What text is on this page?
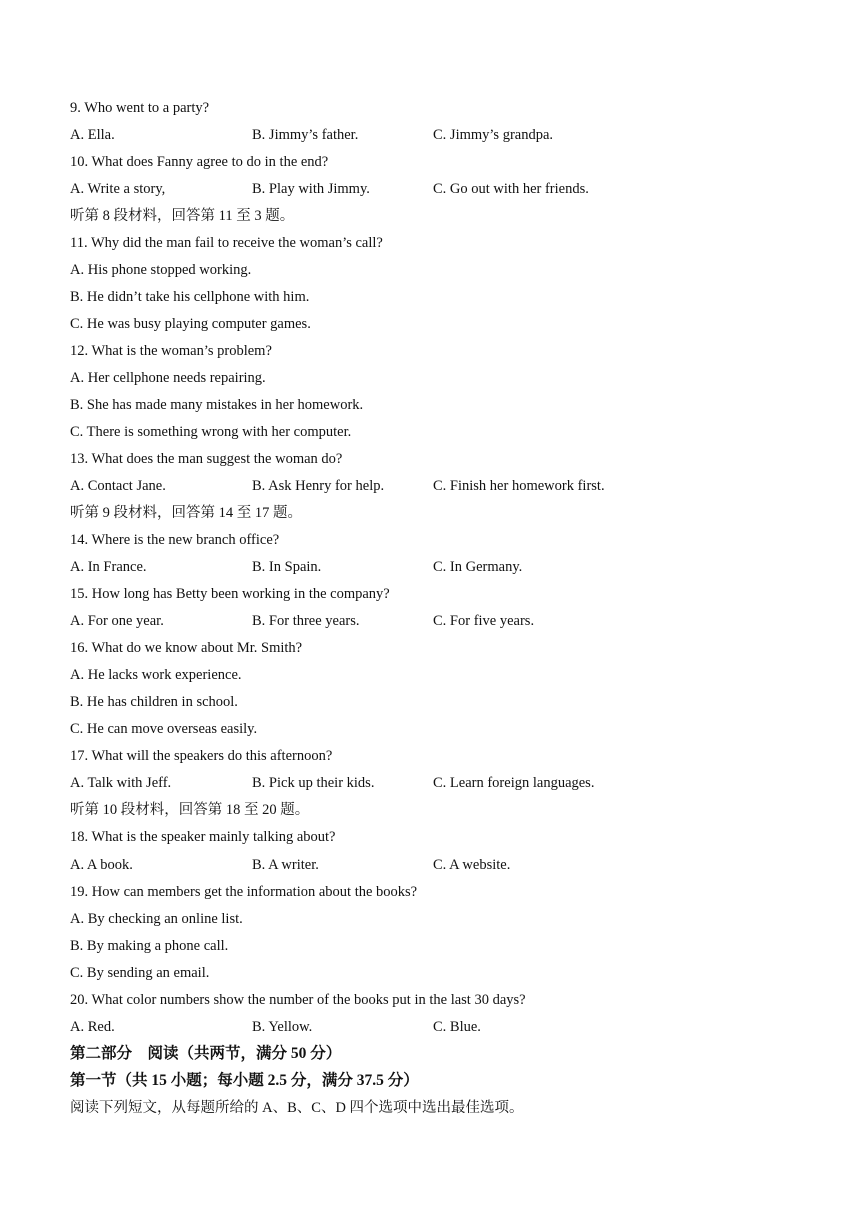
9. Who went to a party?
A. Ella.	B. Jimmy’s father.	C. Jimmy’s grandpa.
10. What does Fanny agree to do in the end?
A. Write a story,	B. Play with Jimmy.	C. Go out with her friends.
听第 8 段材料，回答第 11 至 3 题。
11. Why did the man fail to receive the woman’s call?
A. His phone stopped working.
B. He didn’t take his cellphone with him.
C. He was busy playing computer games.
12. What is the woman’s problem?
A. Her cellphone needs repairing.
B. She has made many mistakes in her homework.
C. There is something wrong with her computer.
13. What does the man suggest the woman do?
A. Contact Jane.	B. Ask Henry for help.	C. Finish her homework first.
听第 9 段材料，回答第 14 至 17 题。
14. Where is the new branch office?
A. In France.	B. In Spain.	C. In Germany.
15. How long has Betty been working in the company?
A. For one year.	B. For three years.	C. For five years.
16. What do we know about Mr. Smith?
A. He lacks work experience.
B. He has children in school.
C. He can move overseas easily.
17. What will the speakers do this afternoon?
A. Talk with Jeff.	B. Pick up their kids.	C. Learn foreign languages.
听第 10 段材料，回答第 18 至 20 题。
18. What is the speaker mainly talking about?
A. A book.	B. A writer.	C. A website.
19. How can members get the information about the books?
A. By checking an online list.
B. By making a phone call.
C. By sending an email.
20. What color numbers show the number of the books put in the last 30 days?
A. Red.	B. Yellow.	C. Blue.
第二部分　阅读（共两节，满分 50 分）
第一节（共 15 小题；每小题 2.5 分，满分 37.5 分）
阅读下列短文，从每题所给的 A、B、C、D 四个选项中选出最佳选项。
